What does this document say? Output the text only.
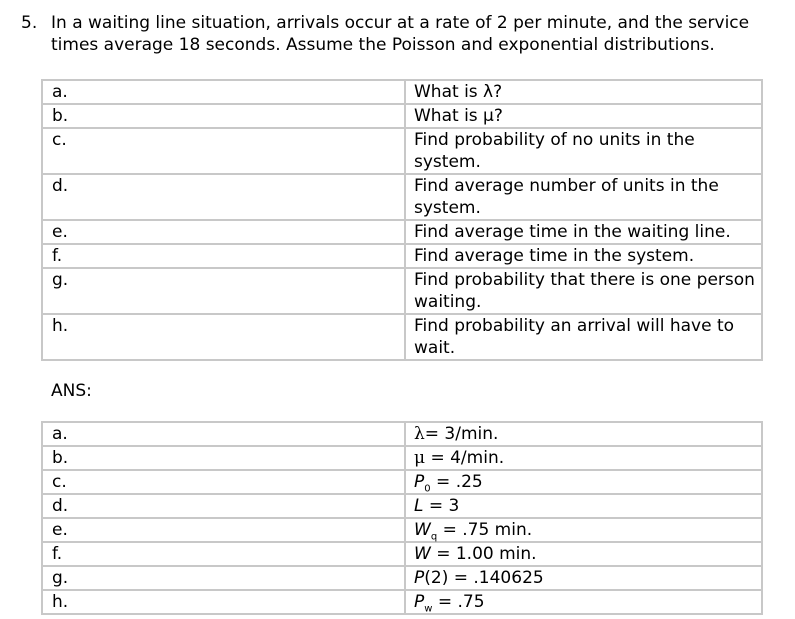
5. In a waiting line situation, arrivals occur at a rate of 2 per minute, and the service times average 18 seconds. Assume the Poisson and exponential distributions.
a.	What is λ?
b.	What is μ?
c.	Find probability of no units in the system.
d.	Find average number of units in the system.
e.	Find average time in the waiting line.
f.	Find average time in the system.
g.	Find probability that there is one person waiting.
h.	Find probability an arrival will have to wait.
ANS:
a.	λ= 3/min.
b.	μ = 4/min.
c.	$P_0 = .25$
d.	L = 3
e.	$W_q = .75$ min.
f.	W = 1.00 min.
g.	P(2) = .140625
h.	$P_w = .75$
